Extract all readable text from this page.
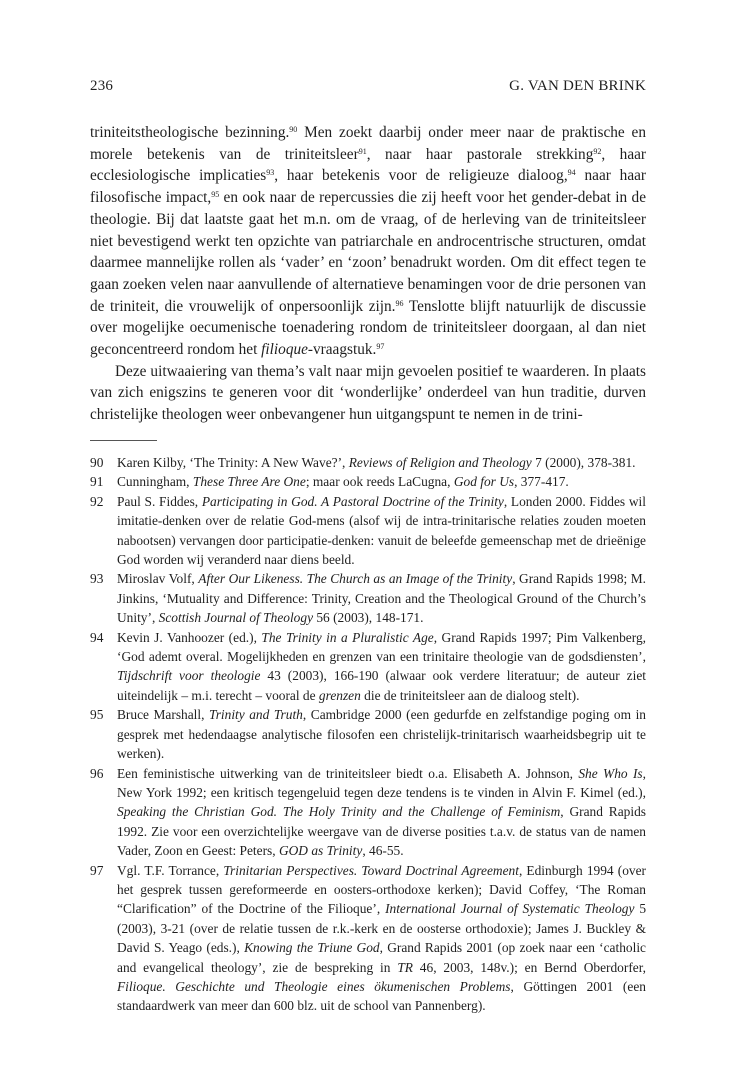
236	G. VAN DEN BRINK

triniteitstheologische bezinning.$^{90}$ Men zoekt daarbij onder meer naar de praktische en morele betekenis van de triniteitsleer$^{91}$, naar haar pastorale strekking$^{92}$, haar ecclesiologische implicaties$^{93}$, haar betekenis voor de religieuze dialoog,$^{94}$ naar haar filosofische impact,$^{95}$ en ook naar de repercussies die zij heeft voor het gender-debat in de theologie. Bij dat laatste gaat het m.n. om de vraag, of de herleving van de triniteitsleer niet bevestigend werkt ten opzichte van patriarchale en androcentrische structuren, omdat daarmee mannelijke rollen als ‘vader’ en ‘zoon’ benadrukt worden. Om dit effect tegen te gaan zoeken velen naar aanvullende of alternatieve benamingen voor de drie personen van de triniteit, die vrouwelijk of onpersoonlijk zijn.$^{96}$ Tenslotte blijft natuurlijk de discussie over mogelijke oecumenische toenadering rondom de triniteitsleer doorgaan, al dan niet geconcentreerd rondom het filioque-vraagstuk.$^{97}$

Deze uitwaaiering van thema’s valt naar mijn gevoelen positief te waarderen. In plaats van zich enigszins te generen voor dit ‘wonderlijke’ onderdeel van hun traditie, durven christelijke theologen weer onbevangener hun uitgangspunt te nemen in de trini-

90	Karen Kilby, ‘The Trinity: A New Wave?’, Reviews of Religion and Theology 7 (2000), 378-381.
91	Cunningham, These Three Are One; maar ook reeds LaCugna, God for Us, 377-417.
92	Paul S. Fiddes, Participating in God. A Pastoral Doctrine of the Trinity, Londen 2000. Fiddes wil imitatie-denken over de relatie God-mens (alsof wij de intra-trinitarische relaties zouden moeten nabootsen) vervangen door participatie-denken: vanuit de beleefde gemeenschap met de drieënige God worden wij veranderd naar diens beeld.
93	Miroslav Volf, After Our Likeness. The Church as an Image of the Trinity, Grand Rapids 1998; M. Jinkins, ‘Mutuality and Difference: Trinity, Creation and the Theological Ground of the Church’s Unity’, Scottish Journal of Theology 56 (2003), 148-171.
94	Kevin J. Vanhoozer (ed.), The Trinity in a Pluralistic Age, Grand Rapids 1997; Pim Valkenberg, ‘God ademt overal. Mogelijkheden en grenzen van een trinitaire theologie van de godsdiensten’, Tijdschrift voor theologie 43 (2003), 166-190 (alwaar ook verdere literatuur; de auteur ziet uiteindelijk – m.i. terecht – vooral de grenzen die de triniteitsleer aan de dialoog stelt).
95	Bruce Marshall, Trinity and Truth, Cambridge 2000 (een gedurfde en zelfstandige poging om in gesprek met hedendaagse analytische filosofen een christelijk-trinitarisch waarheidsbegrip uit te werken).
96	Een feministische uitwerking van de triniteitsleer biedt o.a. Elisabeth A. Johnson, She Who Is, New York 1992; een kritisch tegengeluid tegen deze tendens is te vinden in Alvin F. Kimel (ed.), Speaking the Christian God. The Holy Trinity and the Challenge of Feminism, Grand Rapids 1992. Zie voor een overzichtelijke weergave van de diverse posities t.a.v. de status van de namen Vader, Zoon en Geest: Peters, GOD as Trinity, 46-55.
97	Vgl. T.F. Torrance, Trinitarian Perspectives. Toward Doctrinal Agreement, Edinburgh 1994 (over het gesprek tussen gereformeerde en oosters-orthodoxe kerken); David Coffey, ‘The Roman “Clarification” of the Doctrine of the Filioque’, International Journal of Systematic Theology 5 (2003), 3-21 (over de relatie tussen de r.k.-kerk en de oosterse orthodoxie); James J. Buckley & David S. Yeago (eds.), Knowing the Triune God, Grand Rapids 2001 (op zoek naar een ‘catholic and evangelical theology’, zie de bespreking in TR 46, 2003, 148v.); en Bernd Oberdorfer, Filioque. Geschichte und Theologie eines ökumenischen Problems, Göttingen 2001 (een standaardwerk van meer dan 600 blz. uit de school van Pannenberg).
